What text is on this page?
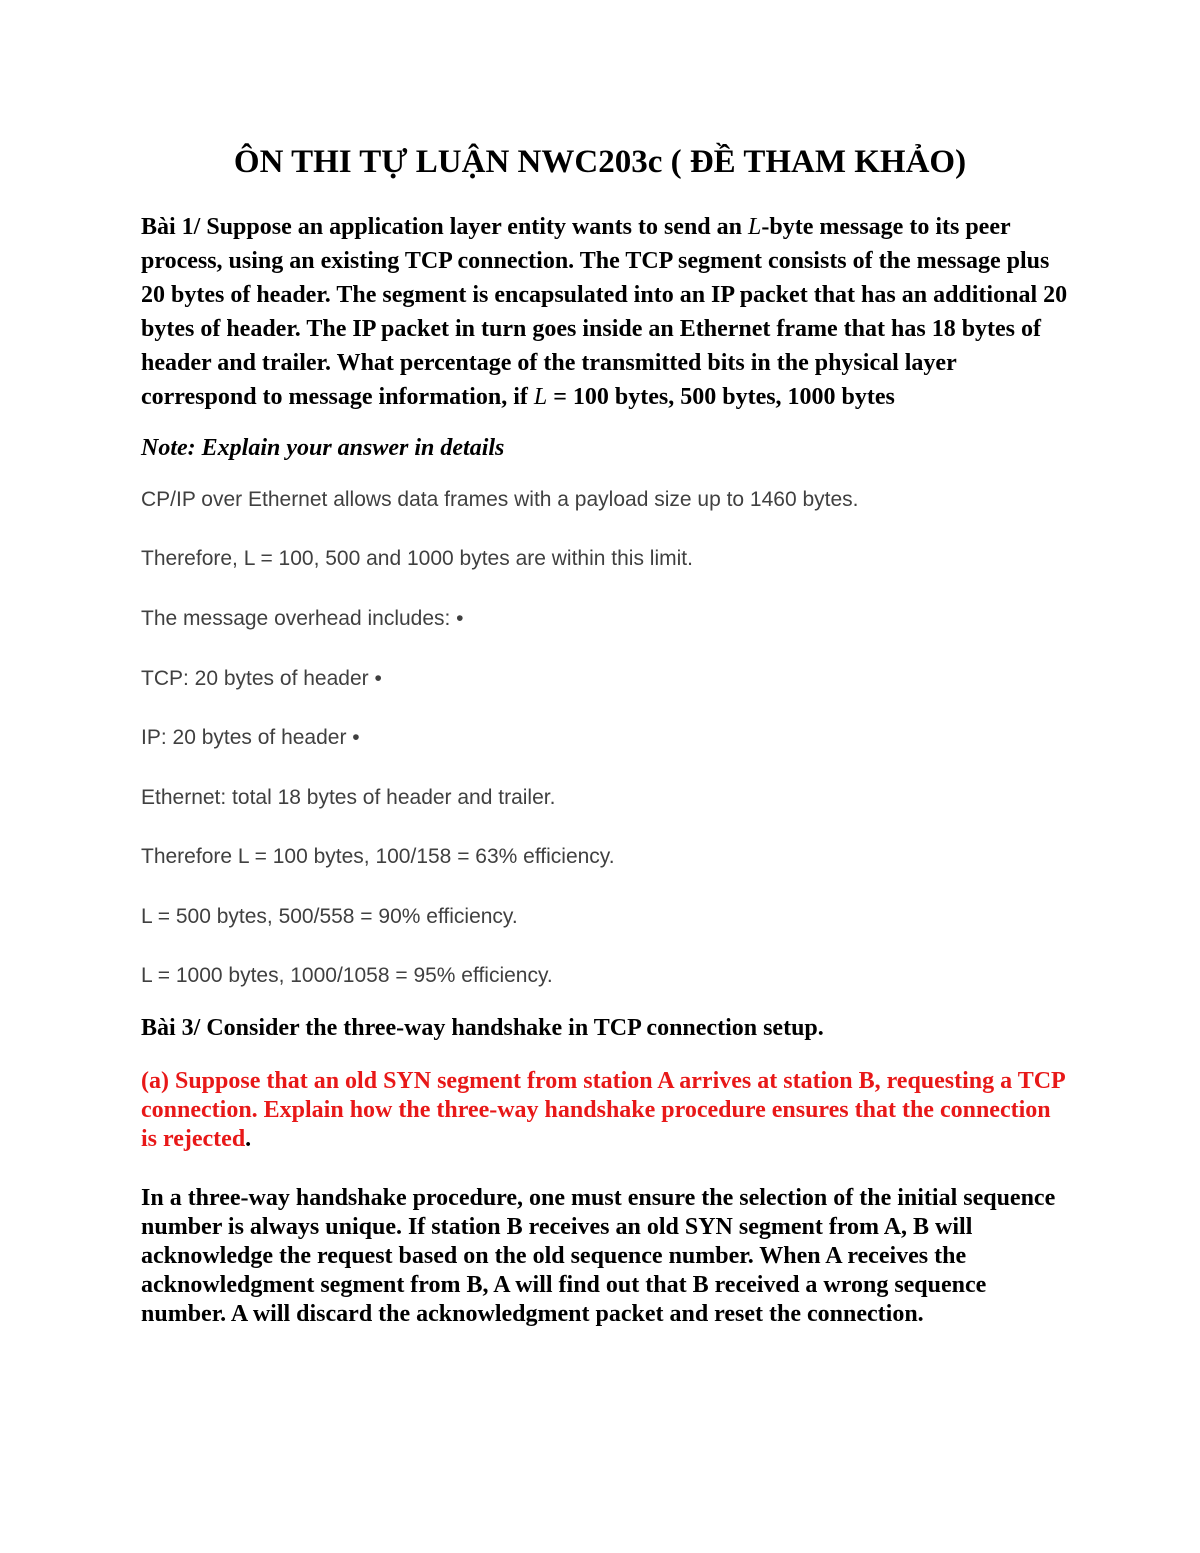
ÔN THI TỰ LUẬN NWC203c ( ĐỀ THAM KHẢO)
Bài 1/ Suppose an application layer entity wants to send an L-byte message to its peer process, using an existing TCP connection. The TCP segment consists of the message plus 20 bytes of header. The segment is encapsulated into an IP packet that has an additional 20 bytes of header. The IP packet in turn goes inside an Ethernet frame that has 18 bytes of header and trailer. What percentage of the transmitted bits in the physical layer correspond to message information, if L = 100 bytes, 500 bytes, 1000 bytes
Note: Explain your answer in details
CP/IP over Ethernet allows data frames with a payload size up to 1460 bytes.
Therefore, L = 100, 500 and 1000 bytes are within this limit.
The message overhead includes: •
TCP: 20 bytes of header •
IP: 20 bytes of header •
Ethernet: total 18 bytes of header and trailer.
Therefore L = 100 bytes, 100/158 = 63% efficiency.
L = 500 bytes, 500/558 = 90% efficiency.
L = 1000 bytes, 1000/1058 = 95% efficiency.
Bài 3/ Consider the three-way handshake in TCP connection setup.
(a) Suppose that an old SYN segment from station A arrives at station B, requesting a TCP connection. Explain how the three-way handshake procedure ensures that the connection is rejected.
In a three-way handshake procedure, one must ensure the selection of the initial sequence number is always unique. If station B receives an old SYN segment from A, B will acknowledge the request based on the old sequence number. When A receives the acknowledgment segment from B, A will find out that B received a wrong sequence number. A will discard the acknowledgment packet and reset the connection.
